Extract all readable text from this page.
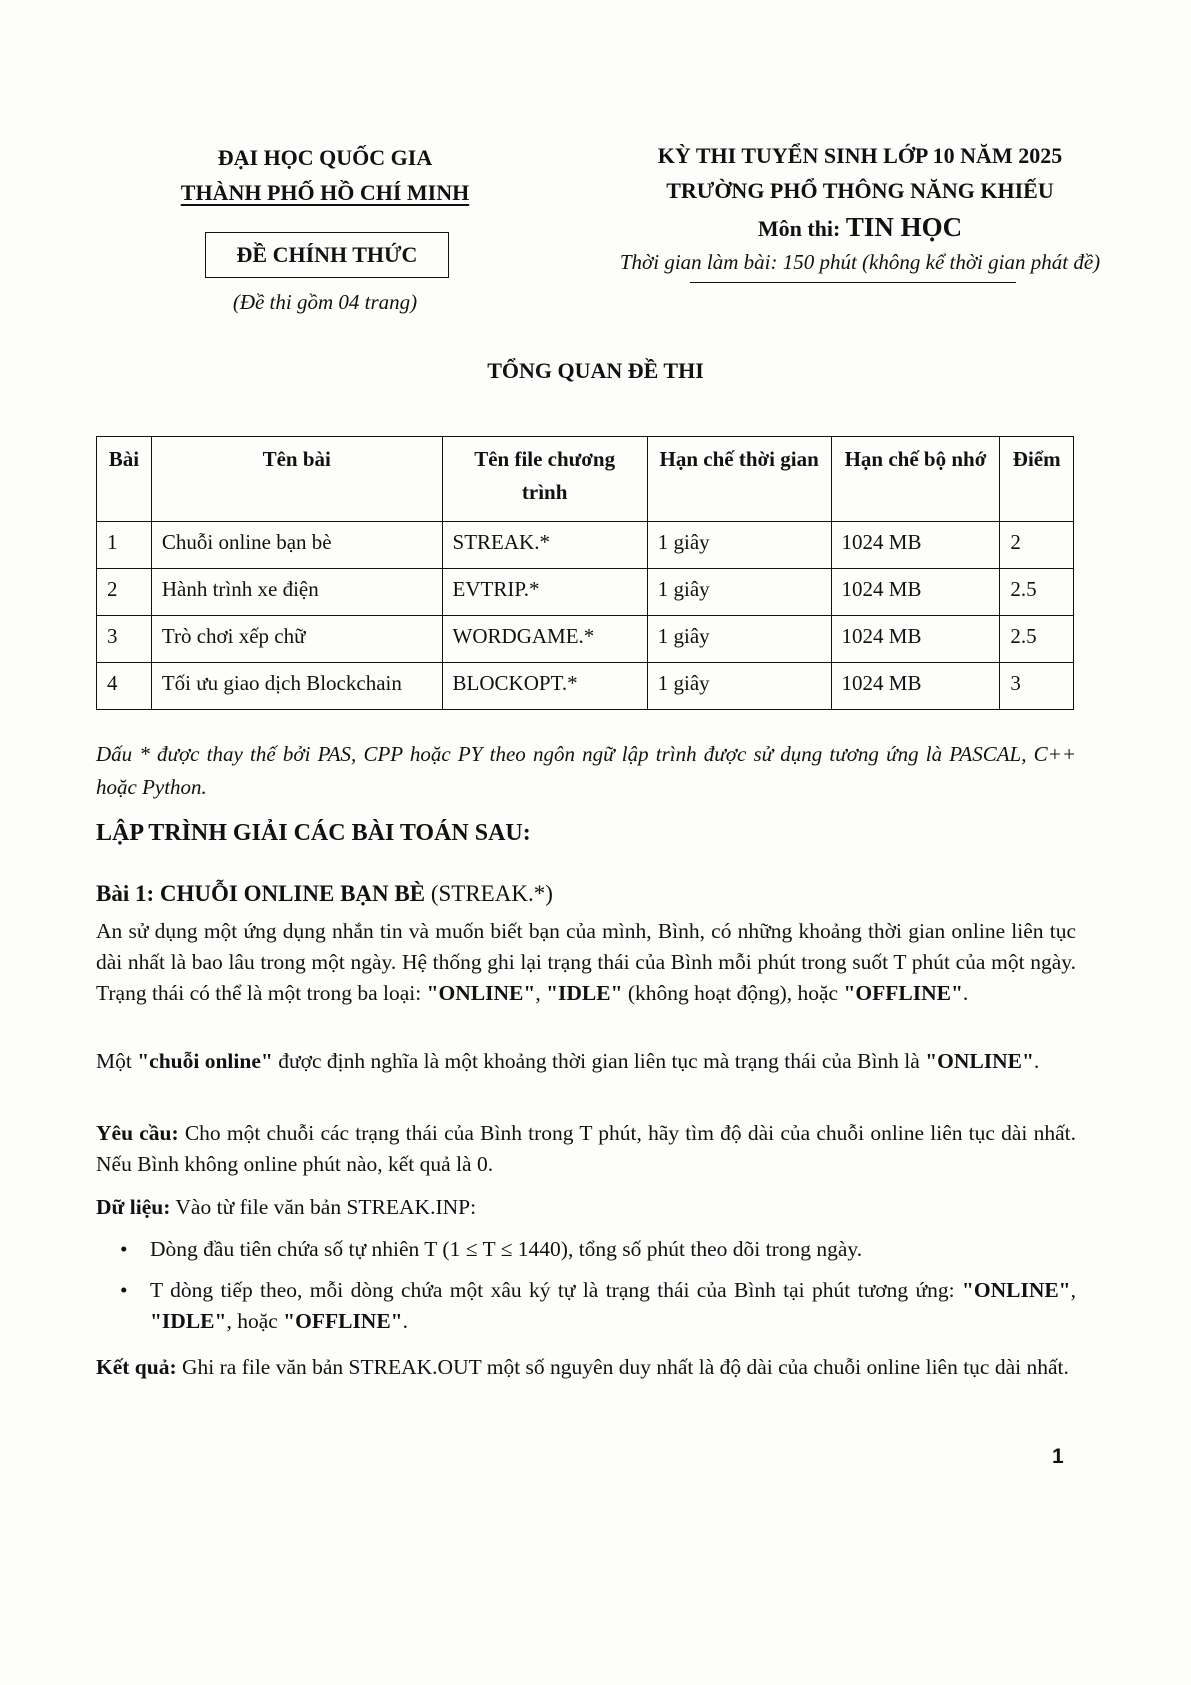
ĐẠI HỌC QUỐC GIA
THÀNH PHỐ HỒ CHÍ MINH
ĐỀ CHÍNH THỨC
(Đề thi gồm 04 trang)
KỲ THI TUYỂN SINH LỚP 10 NĂM 2025
TRƯỜNG PHỔ THÔNG NĂNG KHIẾU
Môn thi: TIN HỌC
Thời gian làm bài: 150 phút (không kể thời gian phát đề)
TỔNG QUAN ĐỀ THI
Bài	Tên bài	Tên file chương trình	Hạn chế thời gian	Hạn chế bộ nhớ	Điểm
1	Chuỗi online bạn bè	STREAK.*	1 giây	1024 MB	2
2	Hành trình xe điện	EVTRIP.*	1 giây	1024 MB	2.5
3	Trò chơi xếp chữ	WORDGAME.*	1 giây	1024 MB	2.5
4	Tối ưu giao dịch Blockchain	BLOCKOPT.*	1 giây	1024 MB	3
Dấu * được thay thế bởi PAS, CPP hoặc PY theo ngôn ngữ lập trình được sử dụng tương ứng là PASCAL, C++ hoặc Python.
LẬP TRÌNH GIẢI CÁC BÀI TOÁN SAU:
Bài 1: CHUỖI ONLINE BẠN BÈ (STREAK.*)
An sử dụng một ứng dụng nhắn tin và muốn biết bạn của mình, Bình, có những khoảng thời gian online liên tục dài nhất là bao lâu trong một ngày. Hệ thống ghi lại trạng thái của Bình mỗi phút trong suốt T phút của một ngày. Trạng thái có thể là một trong ba loại: "ONLINE", "IDLE" (không hoạt động), hoặc "OFFLINE".
Một "chuỗi online" được định nghĩa là một khoảng thời gian liên tục mà trạng thái của Bình là "ONLINE".
Yêu cầu: Cho một chuỗi các trạng thái của Bình trong T phút, hãy tìm độ dài của chuỗi online liên tục dài nhất. Nếu Bình không online phút nào, kết quả là 0.
Dữ liệu: Vào từ file văn bản STREAK.INP:
• Dòng đầu tiên chứa số tự nhiên T (1 ≤ T ≤ 1440), tổng số phút theo dõi trong ngày.
• T dòng tiếp theo, mỗi dòng chứa một xâu ký tự là trạng thái của Bình tại phút tương ứng: "ONLINE", "IDLE", hoặc "OFFLINE".
Kết quả: Ghi ra file văn bản STREAK.OUT một số nguyên duy nhất là độ dài của chuỗi online liên tục dài nhất.
1
